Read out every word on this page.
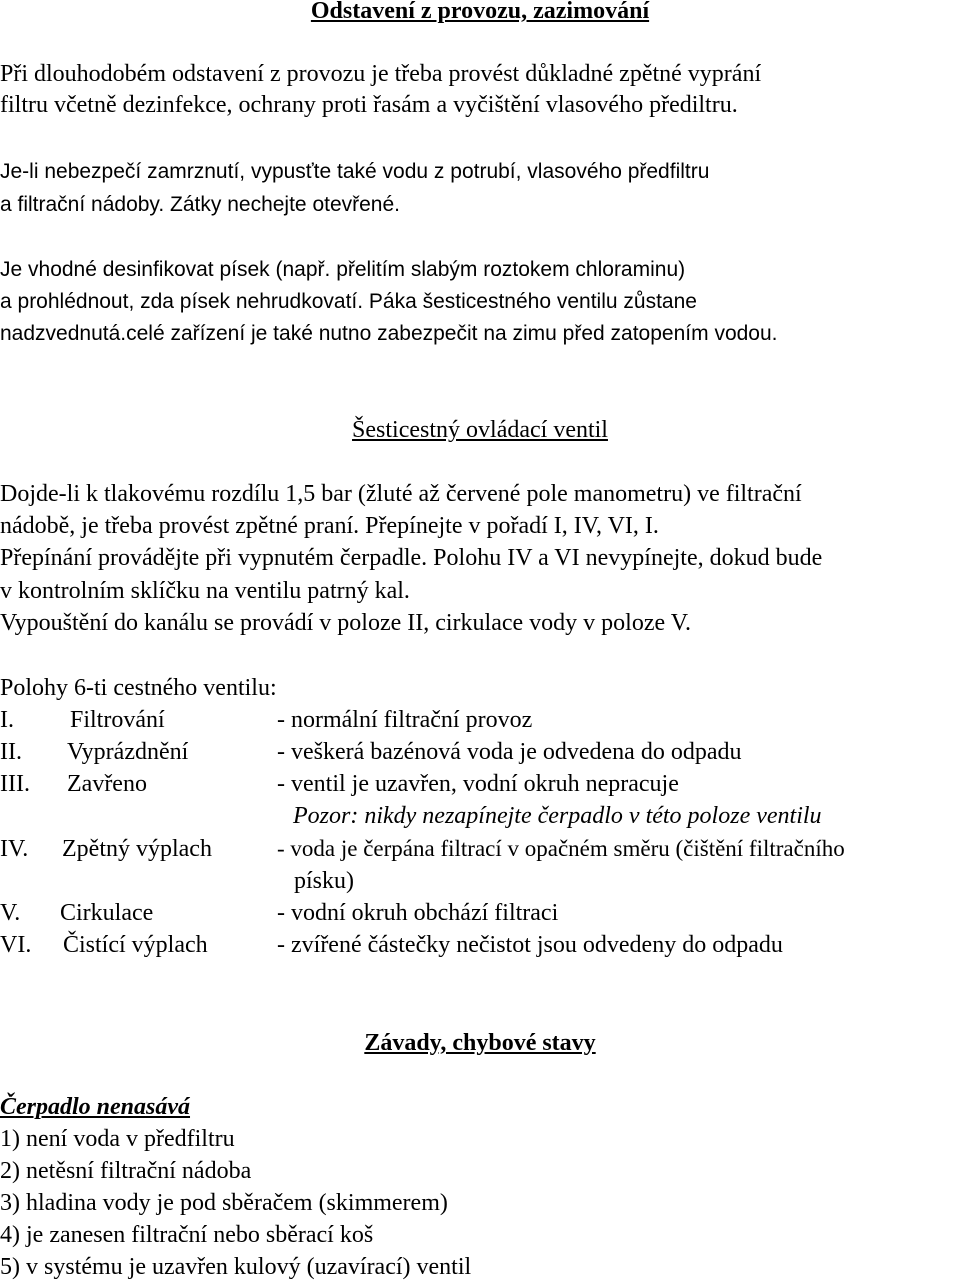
Odstavení z provozu, zazimování
Při dlouhodobém odstavení z provozu je třeba provést důkladné zpětné vyprání
filtru včetně dezinfekce, ochrany proti řasám a vyčištění vlasového přediltru.
Je-li nebezpečí zamrznutí, vypusťte také vodu z potrubí, vlasového předfiltru
a filtrační nádoby. Zátky nechejte otevřené.
Je vhodné desinfikovat písek (např. přelitím slabým roztokem chloraminu)
a prohlédnout, zda písek nehrudkovatí. Páka šesticestného ventilu zůstane
nadzvednutá.celé zařízení je také nutno zabezpečit na zimu před zatopením vodou.
Šesticestný ovládací ventil
Dojde-li k tlakovému rozdílu 1,5 bar (žluté až červené pole manometru) ve filtrační
nádobě, je třeba provést zpětné praní. Přepínejte v pořadí I, IV, VI, I.
Přepínání provádějte při vypnutém čerpadle. Polohu IV a VI nevypínejte, dokud bude
v kontrolním sklíčku na ventilu patrný kal.
Vypouštění do kanálu se provádí v poloze II, cirkulace vody v poloze V.
Polohy 6-ti cestného ventilu:
I. Filtrování	- normální filtrační provoz
II. Vyprázdnění	- veškerá bazénová voda je odvedena do odpadu
III. Zavřeno	- ventil je uzavřen, vodní okruh nepracuje
Pozor: nikdy nezapínejte čerpadlo v této poloze ventilu
IV. Zpětný výplach	- voda je čerpána filtrací v opačném směru (čištění filtračního
písku)
V. Cirkulace	- vodní okruh obchází filtraci
VI. Čistící výplach	- zvířené částečky nečistot jsou odvedeny do odpadu
Závady, chybové stavy
Čerpadlo nenasává
1) není voda v předfiltru
2) netěsní filtrační nádoba
3) hladina vody je pod sběračem (skimmerem)
4) je zanesen filtrační nebo sběrací koš
5) v systému je uzavřen kulový (uzavírací) ventil
